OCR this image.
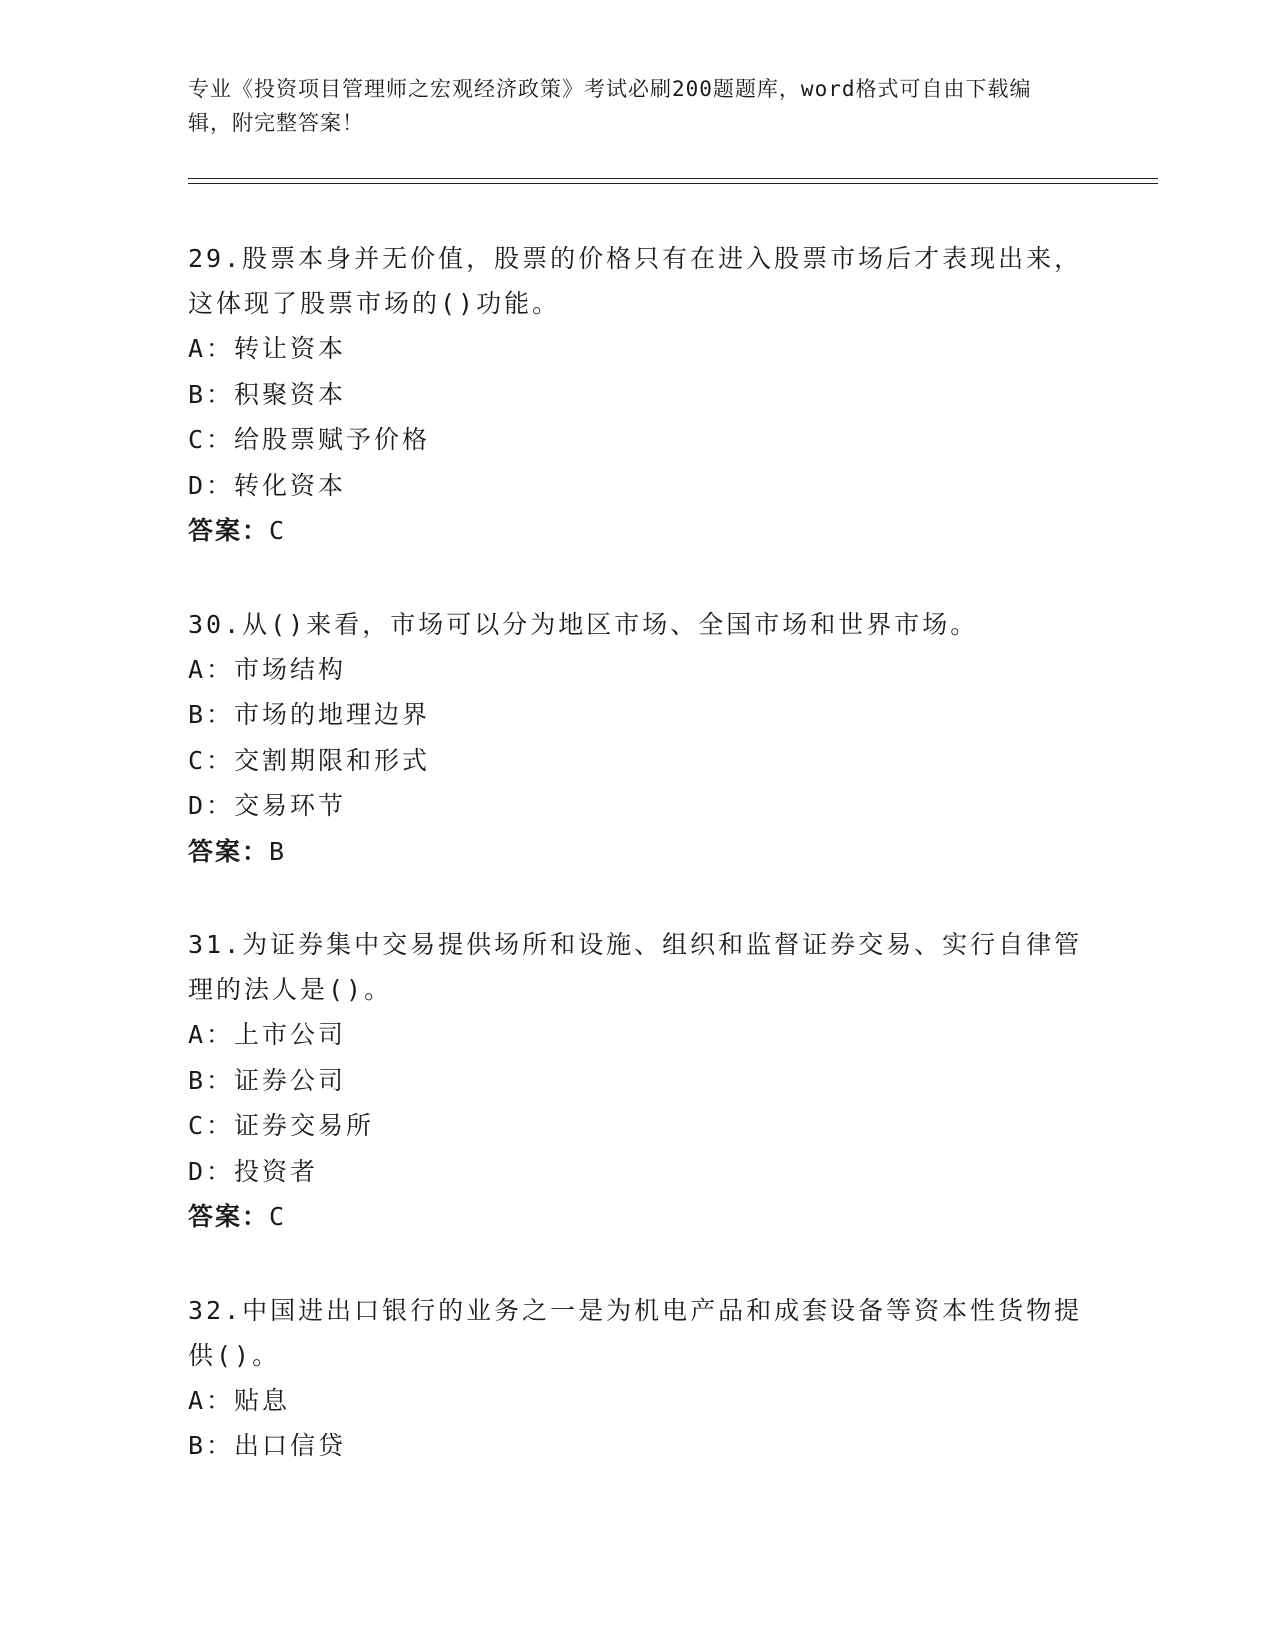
专业《投资项目管理师之宏观经济政策》考试必刷200题题库，word格式可自由下载编辑，附完整答案！

29.股票本身并无价值，股票的价格只有在进入股票市场后才表现出来，这体现了股票市场的()功能。

A：转让资本
B：积聚资本
C：给股票赋予价格
D：转化资本
答案：C

30.从()来看，市场可以分为地区市场、全国市场和世界市场。

A：市场结构
B：市场的地理边界
C：交割期限和形式
D：交易环节
答案：B

31.为证券集中交易提供场所和设施、组织和监督证券交易、实行自律管理的法人是()。

A：上市公司
B：证券公司
C：证券交易所
D：投资者
答案：C

32.中国进出口银行的业务之一是为机电产品和成套设备等资本性货物提供()。

A：贴息
B：出口信贷
